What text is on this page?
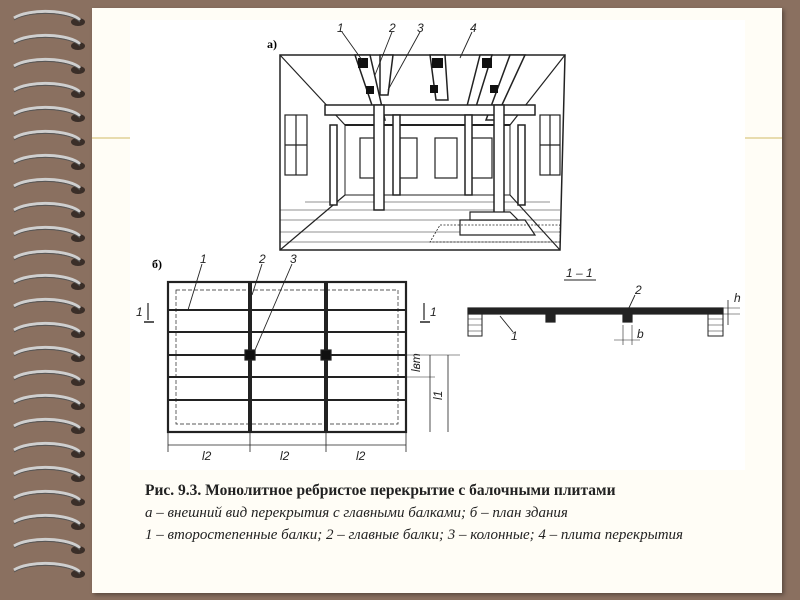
а)
1	2 3	4
б)	1	2 3
1	1
l2	l2	l2
lвт
l1
1 – 1
1
2
h
b
Рис. 9.3. Монолитное ребристое перекрытие с балочными плитами
а – внешний вид перекрытия с главными балками; б – план здания
1 – второстепенные балки; 2 – главные балки; 3 – колонные; 4 – плита перекрытия
